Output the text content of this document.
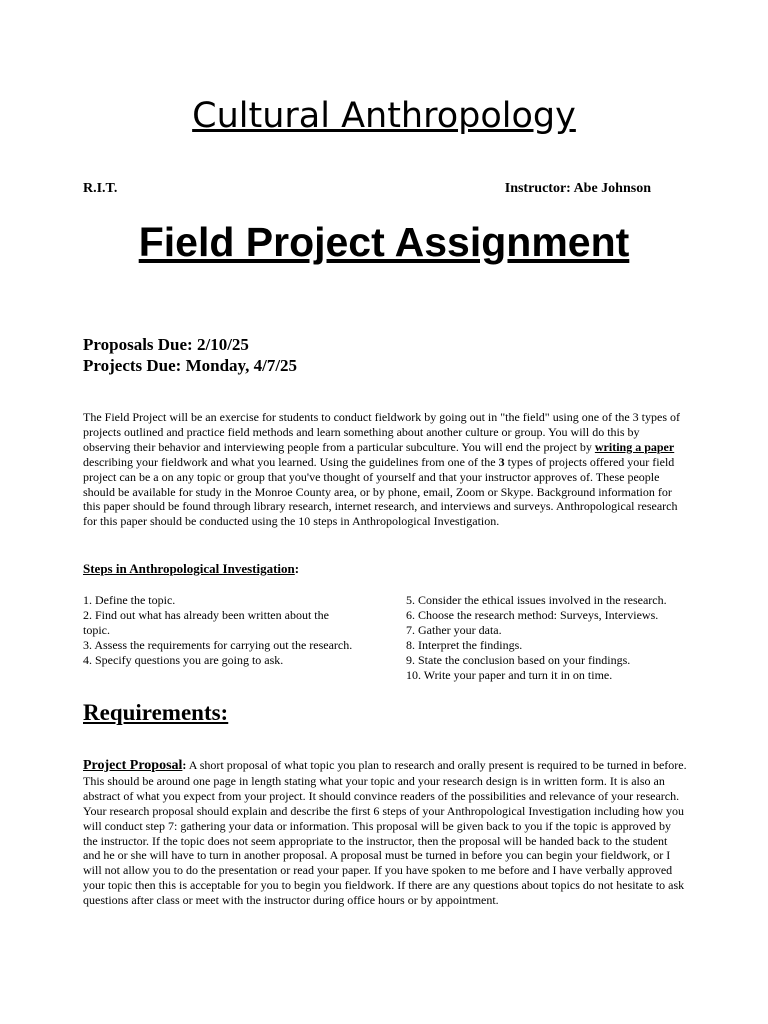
Cultural Anthropology
R.I.T.	Instructor: Abe Johnson
Field Project Assignment
Proposals Due: 2/10/25
Projects Due: Monday, 4/7/25
The Field Project will be an exercise for students to conduct fieldwork by going out in "the field" using one of the 3 types of projects outlined and practice field methods and learn something about another culture or group. You will do this by observing their behavior and interviewing people from a particular subculture. You will end the project by writing a paper describing your fieldwork and what you learned. Using the guidelines from one of the 3 types of projects offered your field project can be a on any topic or group that you've thought of yourself and that your instructor approves of. These people should be available for study in the Monroe County area, or by phone, email, Zoom or Skype. Background information for this paper should be found through library research, internet research, and interviews and surveys. Anthropological research for this paper should be conducted using the 10 steps in Anthropological Investigation.
Steps in Anthropological Investigation:
1. Define the topic.
2. Find out what has already been written about the topic.
3. Assess the requirements for carrying out the research.
4. Specify questions you are going to ask.
5. Consider the ethical issues involved in the research.
6. Choose the research method: Surveys, Interviews.
7. Gather your data.
8. Interpret the findings.
9. State the conclusion based on your findings.
10. Write your paper and turn it in on time.
Requirements:
Project Proposal: A short proposal of what topic you plan to research and orally present is required to be turned in before. This should be around one page in length stating what your topic and your research design is in written form. It is also an abstract of what you expect from your project. It should convince readers of the possibilities and relevance of your research. Your research proposal should explain and describe the first 6 steps of your Anthropological Investigation including how you will conduct step 7: gathering your data or information. This proposal will be given back to you if the topic is approved by the instructor. If the topic does not seem appropriate to the instructor, then the proposal will be handed back to the student and he or she will have to turn in another proposal. A proposal must be turned in before you can begin your fieldwork, or I will not allow you to do the presentation or read your paper. If you have spoken to me before and I have verbally approved your topic then this is acceptable for you to begin you fieldwork. If there are any questions about topics do not hesitate to ask questions after class or meet with the instructor during office hours or by appointment.
